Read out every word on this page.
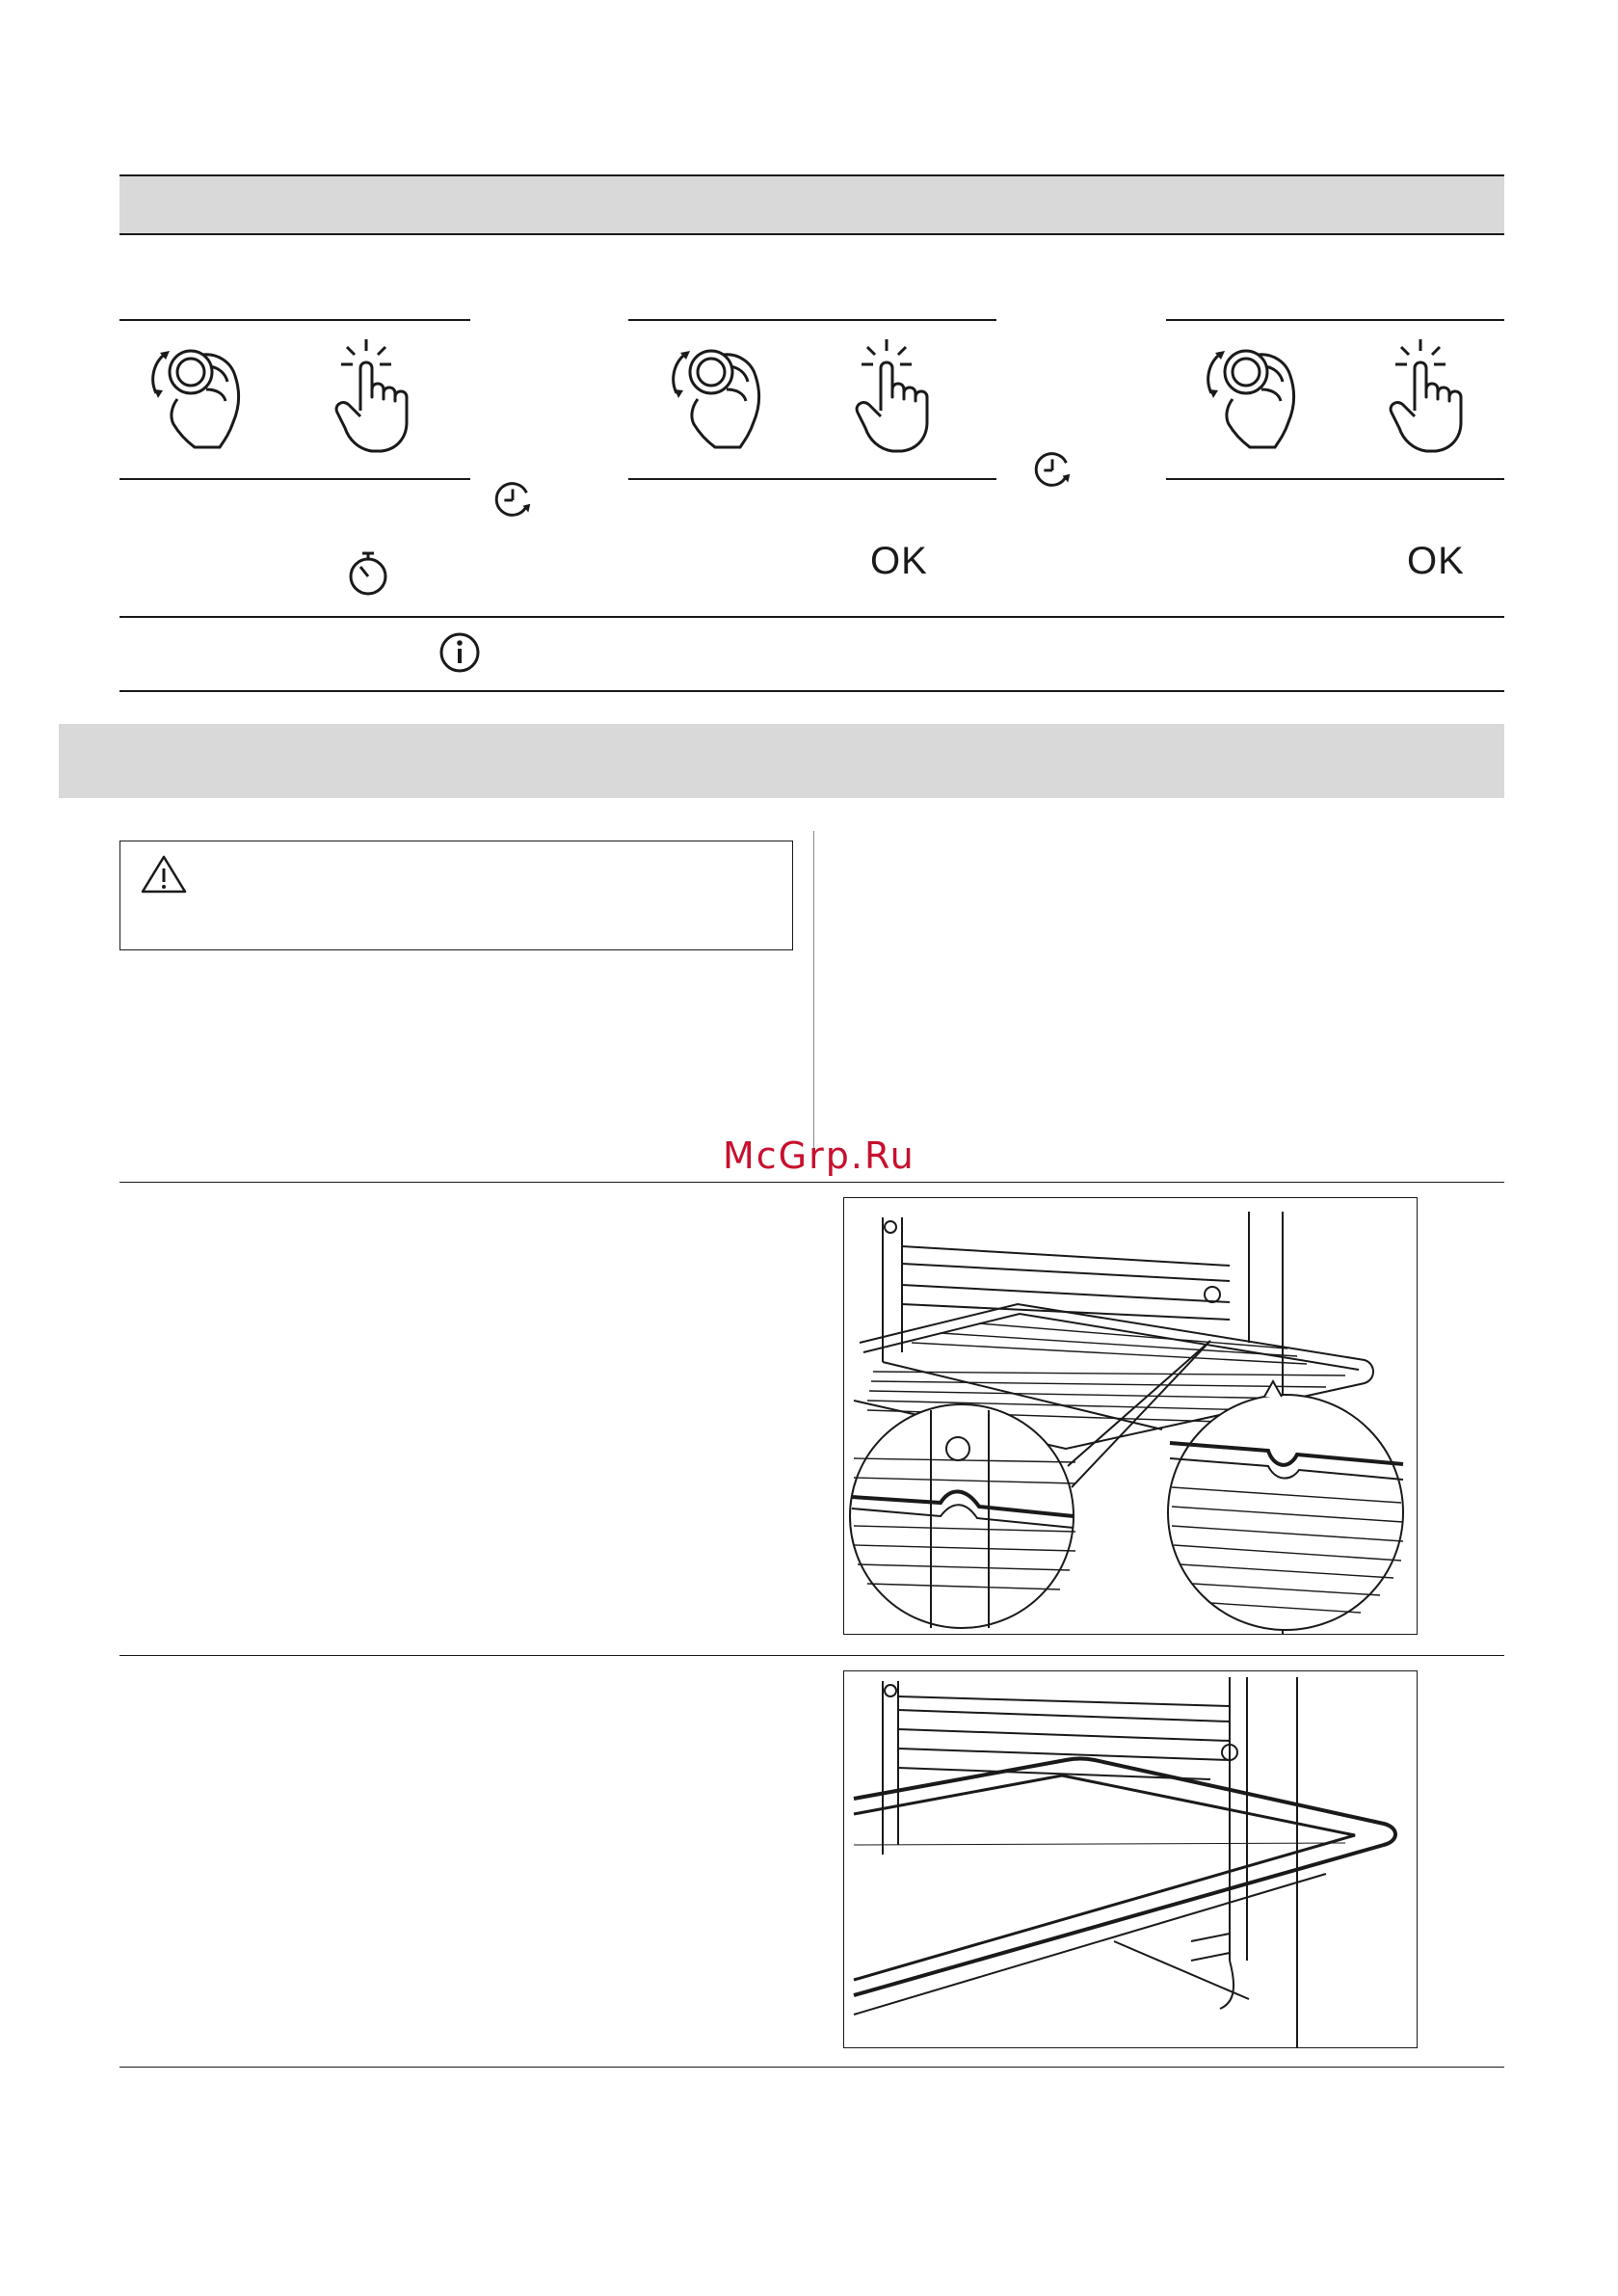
OK	OK
McGrp.Ru
